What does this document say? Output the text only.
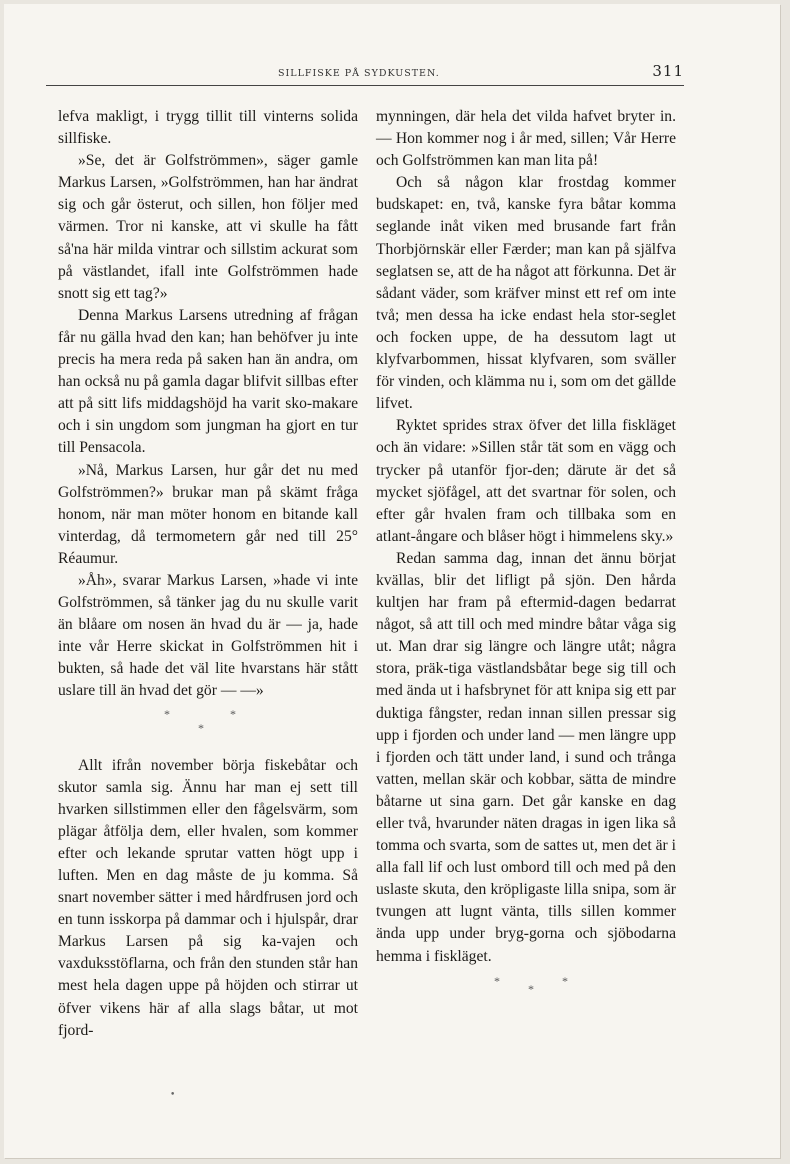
SILLFISKE PÅ SYDKUSTEN.	311

lefva makligt, i trygg tillit till vinterns solida sillfiske.

»Se, det är Golfströmmen», säger gamle Markus Larsen, »Golfströmmen, han har ändrat sig och går österut, och sillen, hon följer med värmen. Tror ni kanske, att vi skulle ha fått så'na här milda vintrar och sillstim ackurat som på västlandet, ifall inte Golfströmmen hade snott sig ett tag?»

Denna Markus Larsens utredning af frågan får nu gälla hvad den kan; han behöfver ju inte precis ha mera reda på saken han än andra, om han också nu på gamla dagar blifvit sillbas efter att på sitt lifs middagshöjd ha varit sko-makare och i sin ungdom som jungman ha gjort en tur till Pensacola.

»Nå, Markus Larsen, hur går det nu med Golfströmmen?» brukar man på skämt fråga honom, när man möter honom en bitande kall vinterdag, då termometern går ned till 25° Réaumur.

»Åh», svarar Markus Larsen, »hade vi inte Golfströmmen, så tänker jag du nu skulle varit än blåare om nosen än hvad du är — ja, hade inte vår Herre skickat in Golfströmmen hit i bukten, så hade det väl lite hvarstans här stått uslare till än hvad det gör — —»

*	*
*

Allt ifrån november börja fiskebåtar och skutor samla sig. Ännu har man ej sett till hvarken sillstimmen eller den fågelsvärm, som plägar åtfölja dem, eller hvalen, som kommer efter och lekande sprutar vatten högt upp i luften. Men en dag måste de ju komma. Så snart november sätter i med hårdfrusen jord och en tunn isskorpa på dammar och i hjulspår, drar Markus Larsen på sig ka-vajen och vaxduksstöflarna, och från den stunden står han mest hela dagen uppe på höjden och stirrar ut öfver vikens här af alla slags båtar, ut mot fjord-

mynningen, där hela det vilda hafvet bryter in. — Hon kommer nog i år med, sillen; Vår Herre och Golfströmmen kan man lita på!

Och så någon klar frostdag kommer budskapet: en, två, kanske fyra båtar komma seglande inåt viken med brusande fart från Thorbjörnskär eller Færder; man kan på själfva seglatsen se, att de ha något att förkunna. Det är sådant väder, som kräfver minst ett ref om inte två; men dessa ha icke endast hela stor-seglet och focken uppe, de ha dessutom lagt ut klyfvarbommen, hissat klyfvaren, som sväller för vinden, och klämma nu i, som om det gällde lifvet.

Ryktet sprides strax öfver det lilla fiskläget och än vidare: »Sillen står tät som en vägg och trycker på utanför fjor-den; därute är det så mycket sjöfågel, att det svartnar för solen, och efter går hvalen fram och tillbaka som en atlant-ångare och blåser högt i himmelens sky.»

Redan samma dag, innan det ännu börjat kvällas, blir det lifligt på sjön. Den hårda kultjen har fram på eftermid-dagen bedarrat något, så att till och med mindre båtar våga sig ut. Man drar sig längre och längre utåt; några stora, präk-tiga västlandsbåtar bege sig till och med ända ut i hafsbrynet för att knipa sig ett par duktiga fångster, redan innan sillen pressar sig upp i fjorden och under land — men längre upp i fjorden och tätt under land, i sund och trånga vatten, mellan skär och kobbar, sätta de mindre båtarne ut sina garn. Det går kanske en dag eller två, hvarunder näten dragas in igen lika så tomma och svarta, som de sattes ut, men det är i alla fall lif och lust ombord till och med på den uslaste skuta, den kröpligaste lilla snipa, som är tvungen att lugnt vänta, tills sillen kommer ända upp under bryg-gorna och sjöbodarna hemma i fiskläget.

*	*
*
•
